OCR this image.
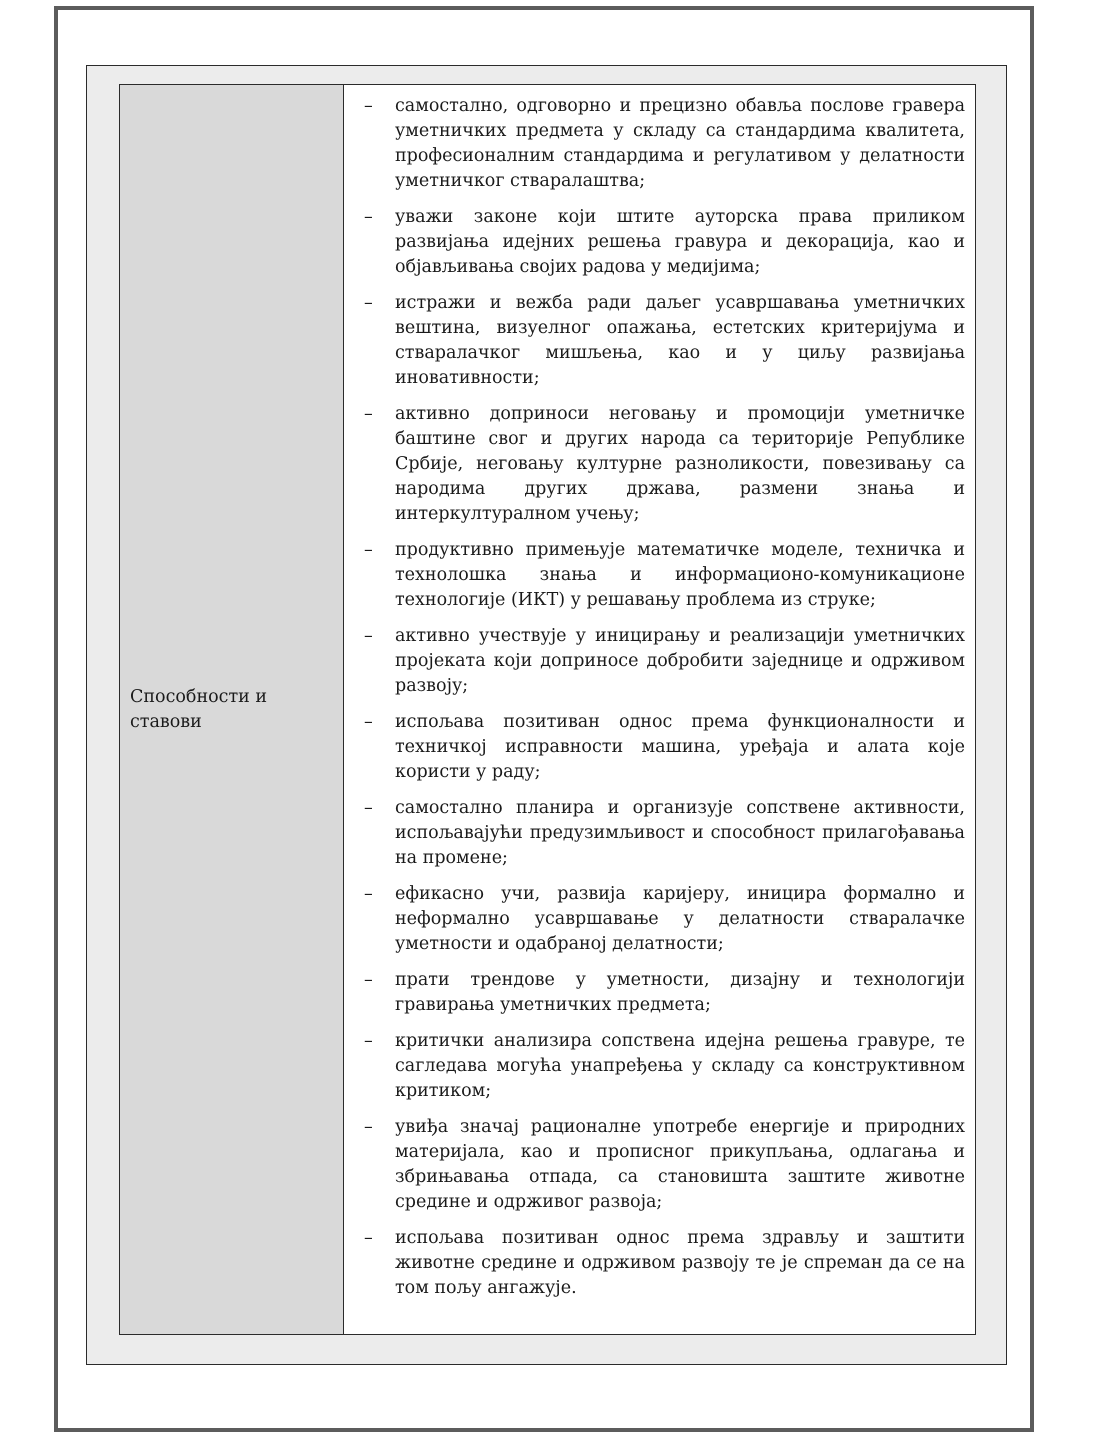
Способности и ставови
–	самостално, одговорно и прецизно обавља послове гравера уметничких предмета у складу са стандардима квалитета, професионалним стандардима и регулативом у делатности уметничког стваралаштва;
–	уважи законе који штите ауторска права приликом развијања идејних решења гравура и декорација, као и објављивања својих радова у медијима;
–	истражи и вежба ради даљег усавршавања уметничких вештина, визуелног опажања, естетских критеријума и стваралачког мишљења, као и у циљу развијања иновативности;
–	активно доприноси неговању и промоцији уметничке баштине свог и других народа са територије Републике Србије, неговању културне разноликости, повезивању са народима других држава, размени знања и интеркултуралном учењу;
–	продуктивно примењује математичке моделе, техничка и технолошка знања и информационо-комуникационе технологије (ИКТ) у решавању проблема из струке;
–	активно учествује у иницирању и реализацији уметничких пројеката који доприносе добробити заједнице и одрживом развоју;
–	испољава позитиван однос према функционалности и техничкој исправности машина, уређаја и алата које користи у раду;
–	самостално планира и организује сопствене активности, испољавајући предузимљивост и способност прилагођавања на промене;
–	ефикасно учи, развија каријеру, иницира формално и неформално усавршавање у делатности стваралачке уметности и одабраној делатности;
–	прати трендове у уметности, дизајну и технологији гравирања уметничких предмета;
–	критички анализира сопствена идејна решења гравуре, те сагледава могућа унапређења у складу са конструктивном критиком;
–	увиђа значај рационалне употребе енергије и природних материјала, као и прописног прикупљања, одлагања и збрињавања отпада, са становишта заштите животне средине и одрживог развоја;
–	испољава позитиван однос према здрављу и заштити животне средине и одрживом развоју те је спреман да се на том пољу ангажује.
